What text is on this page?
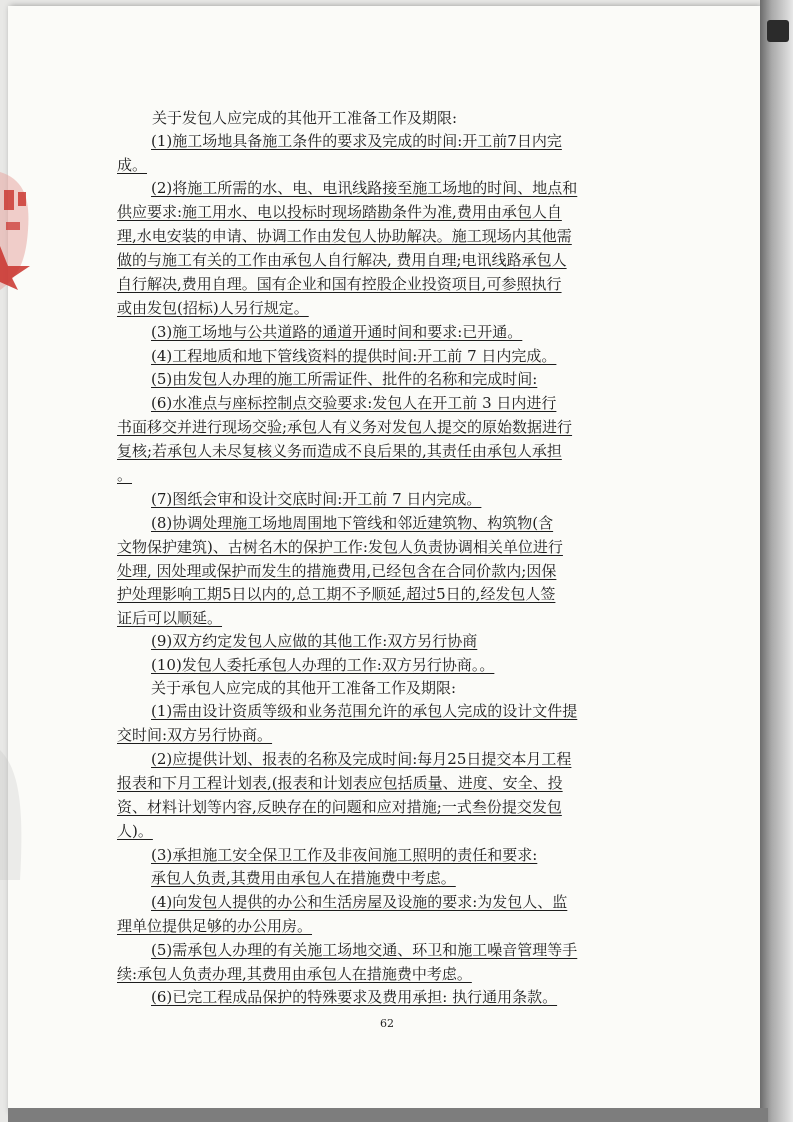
关于发包人应完成的其他开工准备工作及期限:
(1)施工场地具备施工条件的要求及完成的时间:开工前7日内完
成。
(2)将施工所需的水、电、电讯线路接至施工场地的时间、地点和
供应要求:施工用水、电以投标时现场踏勘条件为准,费用由承包人自
理,水电安装的申请、协调工作由发包人协助解决。施工现场内其他需
做的与施工有关的工作由承包人自行解决, 费用自理;电讯线路承包人
自行解决,费用自理。国有企业和国有控股企业投资项目,可参照执行
或由发包(招标)人另行规定。
(3)施工场地与公共道路的通道开通时间和要求:已开通。
(4)工程地质和地下管线资料的提供时间:开工前 7 日内完成。
(5)由发包人办理的施工所需证件、批件的名称和完成时间:
(6)水准点与座标控制点交验要求:发包人在开工前 3 日内进行
书面移交并进行现场交验;承包人有义务对发包人提交的原始数据进行
复核;若承包人未尽复核义务而造成不良后果的,其责任由承包人承担
。
(7)图纸会审和设计交底时间:开工前 7 日内完成。
(8)协调处理施工场地周围地下管线和邻近建筑物、构筑物(含
文物保护建筑)、古树名木的保护工作:发包人负责协调相关单位进行
处理, 因处理或保护而发生的措施费用,已经包含在合同价款内;因保
护处理影响工期5日以内的,总工期不予顺延,超过5日的,经发包人签
证后可以顺延。
(9)双方约定发包人应做的其他工作:双方另行协商
(10)发包人委托承包人办理的工作:双方另行协商。。
关于承包人应完成的其他开工准备工作及期限:
(1)需由设计资质等级和业务范围允许的承包人完成的设计文件提
交时间:双方另行协商。
(2)应提供计划、报表的名称及完成时间:每月25日提交本月工程
报表和下月工程计划表,(报表和计划表应包括质量、进度、安全、投
资、材料计划等内容,反映存在的问题和应对措施;一式叁份提交发包
人)。
(3)承担施工安全保卫工作及非夜间施工照明的责任和要求:
承包人负责,其费用由承包人在措施费中考虑。
(4)向发包人提供的办公和生活房屋及设施的要求:为发包人、监
理单位提供足够的办公用房。
(5)需承包人办理的有关施工场地交通、环卫和施工噪音管理等手
续:承包人负责办理,其费用由承包人在措施费中考虑。
(6)已完工程成品保护的特殊要求及费用承担: 执行通用条款。
62
